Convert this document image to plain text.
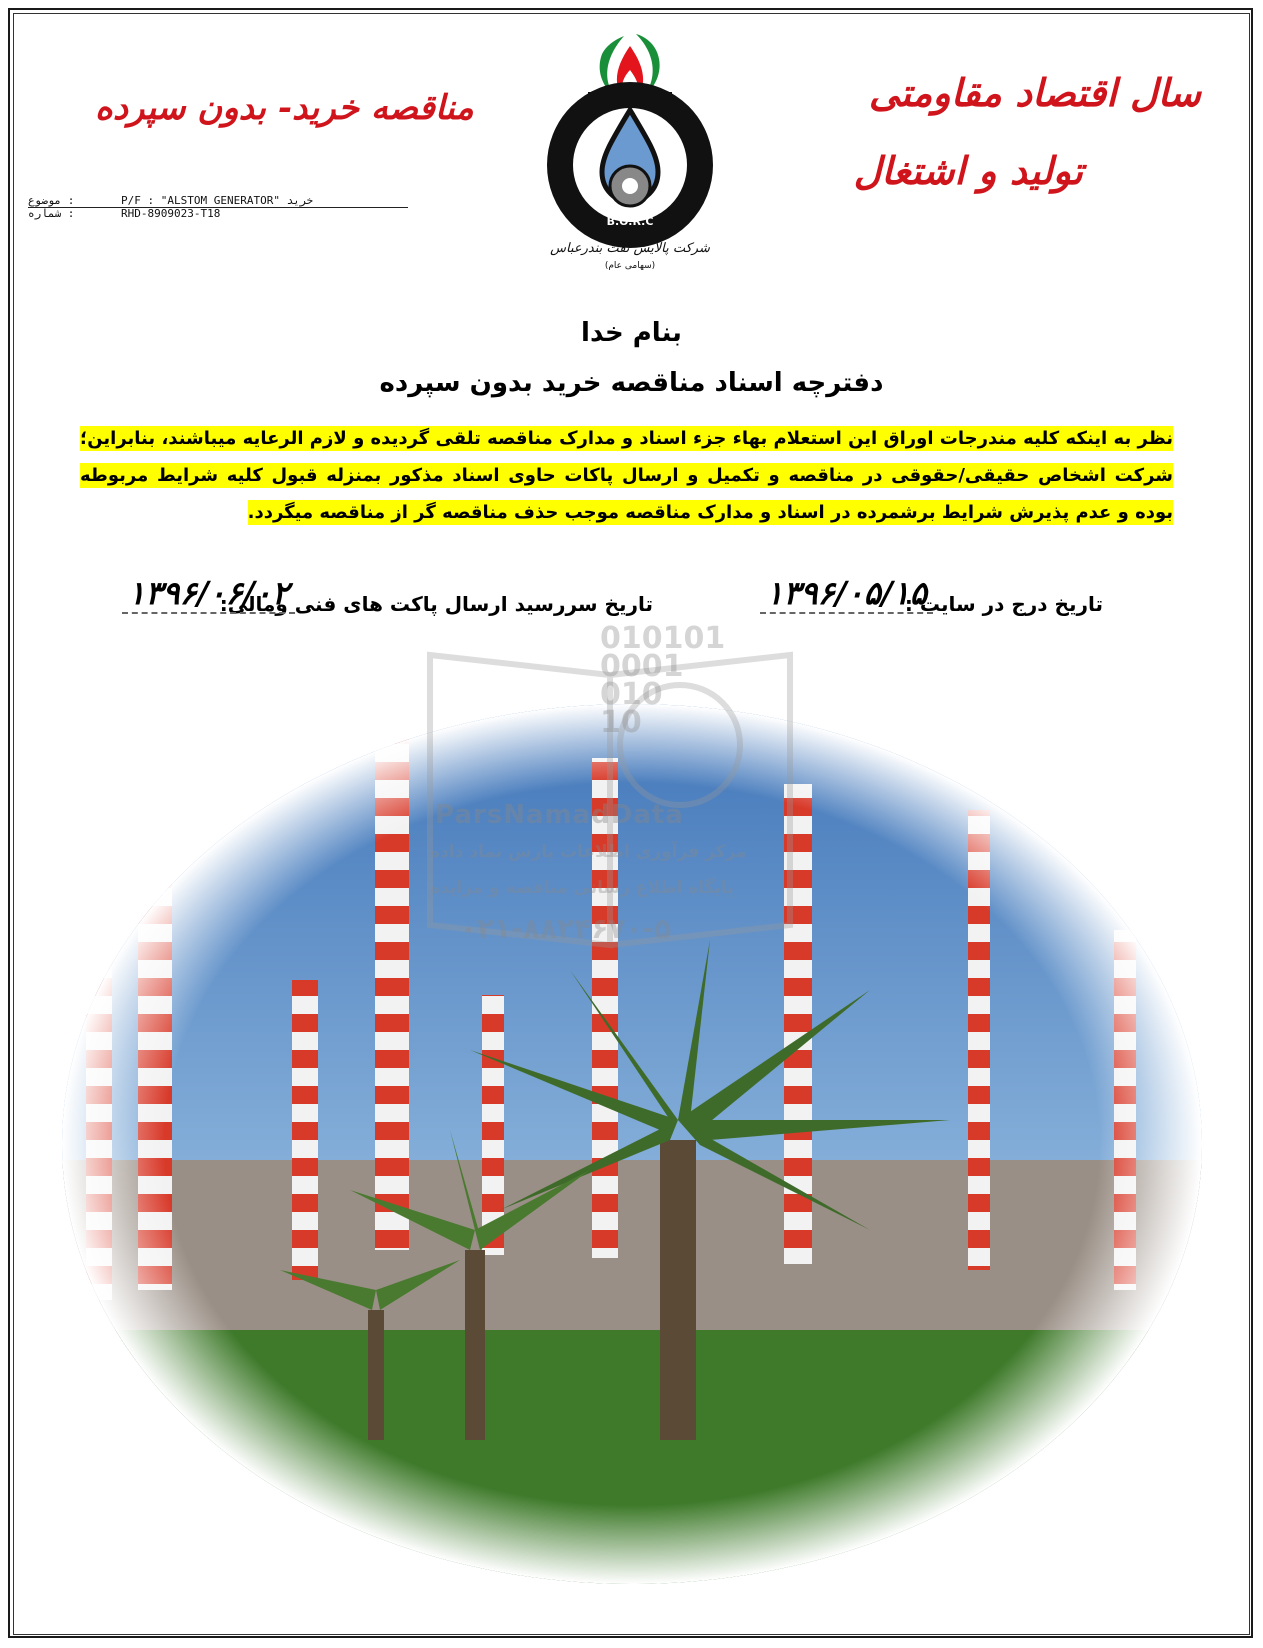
مناقصه خرید- بدون سپرده	سال اقتصاد مقاومتی
تولید و اشتغال
موضوع :	P/F : "ALSTOM GENERATOR" خرید
شماره :	RHD-8909023-T18
B.O.R.C
شرکت پالایش نفت بندرعباس
(سهامی عام)
بنام خدا
دفترچه اسناد مناقصه خرید بدون سپرده
نظر به اینکه کلیه مندرجات اوراق این استعلام بهاء جزء اسناد و مدارک مناقصه تلقی گردیده و لازم الرعایه میباشند، بنابراین؛ شرکت اشخاص حقیقی/حقوقی در مناقصه و تکمیل و ارسال پاکات حاوی اسناد مذکور بمنزله قبول کلیه شرایط مربوطه بوده و عدم پذیرش شرایط برشمرده در اسناد و مدارک مناقصه موجب حذف مناقصه گر از مناقصه میگردد.
تاریخ درج در سایت :
۱۳۹۶/۰۵/۱۵
تاریخ سررسید ارسال پاکت های فنی ومالی:
۱۳۹۶/۰۶/۰۲
010101
0001
010
10
ParsNamadData
مرکز فرآوری اطلاعات پارس نماد داده
پایگاه اطلاع رسانی مناقصه و مزایده
۰۲۱-۸۸۲۴۶۷۰-۵
